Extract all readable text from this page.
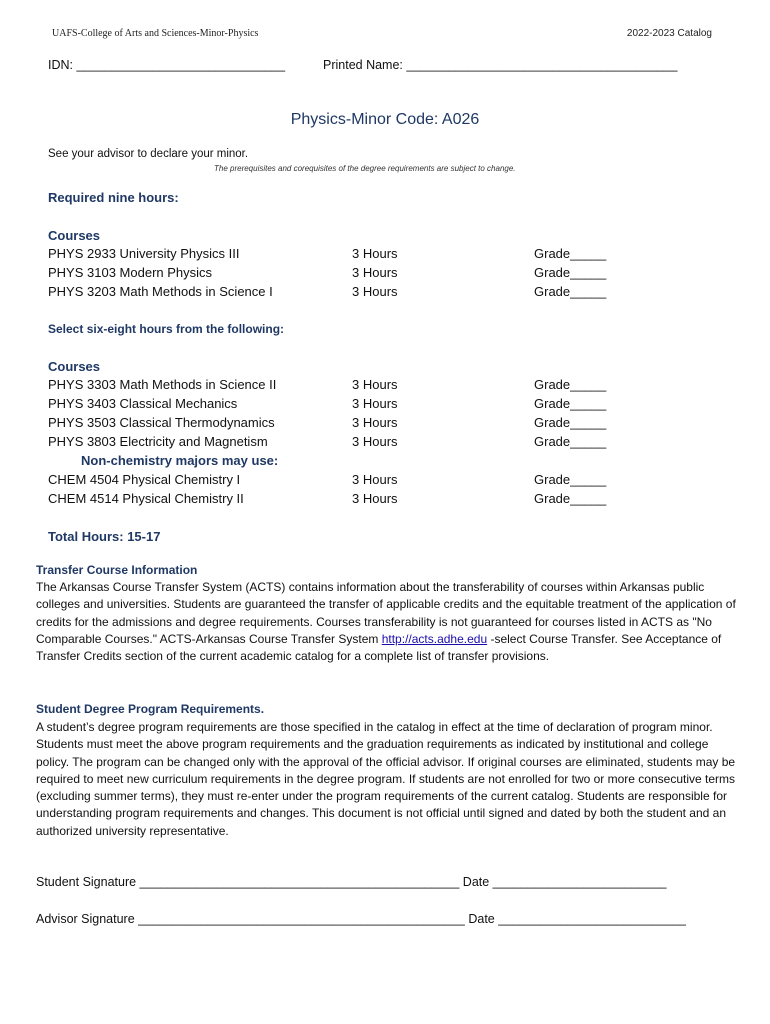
UAFS-College of Arts and Sciences-Minor-Physics	2022-2023 Catalog
IDN: ______________________________	Printed Name: _______________________________________
Physics-Minor Code: A026
See your advisor to declare your minor.
The prerequisites and corequisites of the degree requirements are subject to change.
Required nine hours:
Courses
PHYS 2933 University Physics III	3 Hours	Grade_____
PHYS 3103 Modern Physics	3 Hours	Grade_____
PHYS 3203 Math Methods in Science I	3 Hours	Grade_____
Select six-eight hours from the following:
Courses
PHYS 3303 Math Methods in Science II	3 Hours	Grade_____
PHYS 3403 Classical Mechanics	3 Hours	Grade_____
PHYS 3503 Classical Thermodynamics	3 Hours	Grade_____
PHYS 3803 Electricity and Magnetism	3 Hours	Grade_____
Non-chemistry majors may use:
CHEM 4504 Physical Chemistry I	3 Hours	Grade_____
CHEM 4514 Physical Chemistry II	3 Hours	Grade_____
Total Hours: 15-17
Transfer Course Information
The Arkansas Course Transfer System (ACTS) contains information about the transferability of courses within Arkansas public colleges and universities. Students are guaranteed the transfer of applicable credits and the equitable treatment of the application of credits for the admissions and degree requirements. Courses transferability is not guaranteed for courses listed in ACTS as "No Comparable Courses." ACTS-Arkansas Course Transfer System http://acts.adhe.edu -select Course Transfer. See Acceptance of Transfer Credits section of the current academic catalog for a complete list of transfer provisions.
Student Degree Program Requirements.
A student’s degree program requirements are those specified in the catalog in effect at the time of declaration of program minor. Students must meet the above program requirements and the graduation requirements as indicated by institutional and college policy. The program can be changed only with the approval of the official advisor. If original courses are eliminated, students may be required to meet new curriculum requirements in the degree program. If students are not enrolled for two or more consecutive terms (excluding summer terms), they must re-enter under the program requirements of the current catalog. Students are responsible for understanding program requirements and changes. This document is not official until signed and dated by both the student and an authorized university representative.
Student Signature ______________________________________________ Date _________________________
Advisor Signature _______________________________________________ Date ___________________________
